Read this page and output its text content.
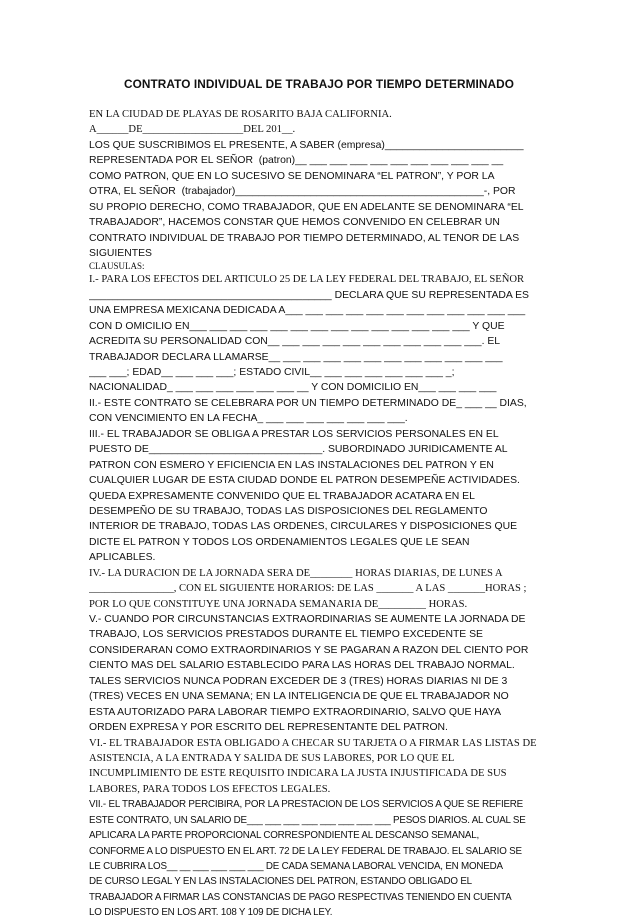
CONTRATO INDIVIDUAL DE TRABAJO POR TIEMPO DETERMINADO
EN LA CIUDAD DE PLAYAS DE ROSARITO BAJA CALIFORNIA.
A______DE___________________DEL 201__.
LOS QUE SUSCRIBIMOS EL PRESENTE, A SABER (empresa)________________________
REPRESENTADA POR EL SEÑOR  (patron)__ ___ ___ ___ ___ ___ ___ ___ ___ ___ __
COMO PATRON, QUE EN LO SUCESIVO SE DENOMINARA “EL PATRON”, Y POR LA
OTRA, EL SEÑOR  (trabajador)___________________________________________-, POR
SU PROPIO DERECHO, COMO TRABAJADOR, QUE EN ADELANTE SE DENOMINARA “EL
TRABAJADOR”, HACEMOS CONSTAR QUE HEMOS CONVENIDO EN CELEBRAR UN
CONTRATO INDIVIDUAL DE TRABAJO POR TIEMPO DETERMINADO, AL TENOR DE LAS
SIGUIENTES
CLAUSULAS:
I.- PARA LOS EFECTOS DEL ARTICULO 25 DE LA LEY FEDERAL DEL TRABAJO, EL SEÑOR
__________________________________________ DECLARA QUE SU REPRESENTADA ES
UNA EMPRESA MEXICANA DEDICADA A___ ___ ___ ___ ___ ___ ___ ___ ___ ___ ___ ___
CON D OMICILIO EN___ ___ ___ ___ ___ ___ ___ ___ ___ ___ ___ ___ ___ ___ Y QUE
ACREDITA SU PERSONALIDAD CON__ ___ ___ ___ ___ ___ ___ ___ ___ ___ ___. EL
TRABAJADOR DECLARA LLAMARSE__ ___ ___ ___ ___ ___ ___ ___ ___ ___ ___ ___
___ ___; EDAD__ ___ ___ ___; ESTADO CIVIL__ ___ ___ ___ ___ ___ ___ _;
NACIONALIDAD_ ___ ___ ___ ___ ___ ___ __ Y CON DOMICILIO EN___ ___ ___ ___
II.- ESTE CONTRATO SE CELEBRARA POR UN TIEMPO DETERMINADO DE_ ___ __ DIAS,
CON VENCIMIENTO EN LA FECHA_ ___ ___ ___ ___ ___ ___ ___.
III.- EL TRABAJADOR SE OBLIGA A PRESTAR LOS SERVICIOS PERSONALES EN EL
PUESTO DE______________________________. SUBORDINADO JURIDICAMENTE AL
PATRON CON ESMERO Y EFICIENCIA EN LAS INSTALACIONES DEL PATRON Y EN
CUALQUIER LUGAR DE ESTA CIUDAD DONDE EL PATRON DESEMPEÑE ACTIVIDADES.
QUEDA EXPRESAMENTE CONVENIDO QUE EL TRABAJADOR ACATARA EN EL
DESEMPEÑO DE SU TRABAJO, TODAS LAS DISPOSICIONES DEL REGLAMENTO
INTERIOR DE TRABAJO, TODAS LAS ORDENES, CIRCULARES Y DISPOSICIONES QUE
DICTE EL PATRON Y TODOS LOS ORDENAMIENTOS LEGALES QUE LE SEAN
APLICABLES.
IV.- LA DURACION DE LA JORNADA SERA DE________ HORAS DIARIAS, DE LUNES A
________________, CON EL SIGUIENTE HORARIOS: DE LAS _______ A LAS _______HORAS ;
POR LO QUE CONSTITUYE UNA JORNADA SEMANARIA DE_________ HORAS.
V.- CUANDO POR CIRCUNSTANCIAS EXTRAORDINARIAS SE AUMENTE LA JORNADA DE
TRABAJO, LOS SERVICIOS PRESTADOS DURANTE EL TIEMPO EXCEDENTE SE
CONSIDERARAN COMO EXTRAORDINARIOS Y SE PAGARAN A RAZON DEL CIENTO POR
CIENTO MAS DEL SALARIO ESTABLECIDO PARA LAS HORAS DEL TRABAJO NORMAL.
TALES SERVICIOS NUNCA PODRAN EXCEDER DE 3 (TRES) HORAS DIARIAS NI DE 3
(TRES) VECES EN UNA SEMANA; EN LA INTELIGENCIA DE QUE EL TRABAJADOR NO
ESTA AUTORIZADO PARA LABORAR TIEMPO EXTRAORDINARIO, SALVO QUE HAYA
ORDEN EXPRESA Y POR ESCRITO DEL REPRESENTANTE DEL PATRON.
VI.- EL TRABAJADOR ESTA OBLIGADO A CHECAR SU TARJETA O A FIRMAR LAS LISTAS DE
ASISTENCIA, A LA ENTRADA Y SALIDA DE SUS LABORES, POR LO QUE EL
INCUMPLIMIENTO DE ESTE REQUISITO INDICARA LA JUSTA INJUSTIFICADA DE SUS
LABORES, PARA TODOS LOS EFECTOS LEGALES.
VII.- EL TRABAJADOR PERCIBIRA, POR LA PRESTACION DE LOS SERVICIOS A QUE SE REFIERE
ESTE CONTRATO, UN SALARIO DE___ ___ ___ ___ ___ ___ ___ ___ PESOS DIARIOS. AL CUAL SE
APLICARA LA PARTE PROPORCIONAL CORRESPONDIENTE AL DESCANSO SEMANAL,
CONFORME A LO DISPUESTO EN EL ART. 72 DE LA LEY FEDERAL DE TRABAJO. EL SALARIO SE
LE CUBRIRA LOS__ __ ___ ___ ___ ___ DE CADA SEMANA LABORAL VENCIDA, EN MONEDA
DE CURSO LEGAL Y EN LAS INSTALACIONES DEL PATRON, ESTANDO OBLIGADO EL
TRABAJADOR A FIRMAR LAS CONSTANCIAS DE PAGO RESPECTIVAS TENIENDO EN CUENTA
LO DISPUESTO EN LOS ART. 108 Y 109 DE DICHA LEY.
